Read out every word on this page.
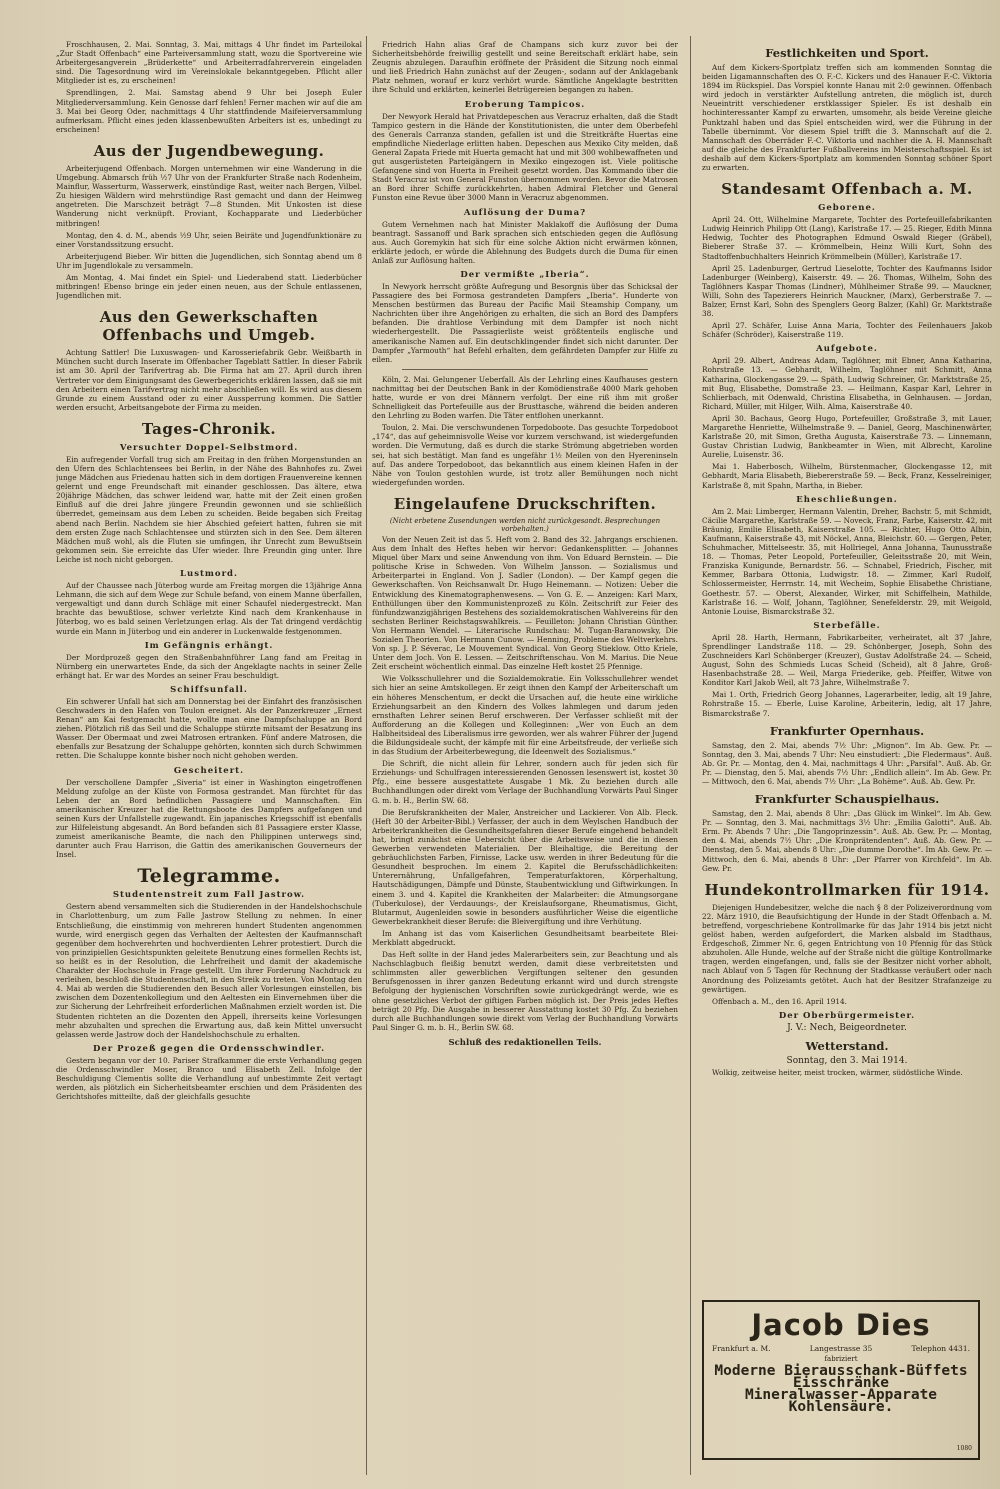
Froschhausen, 2. Mai. Sonntag, 3. Mai, mittags 4 Uhr findet im Parteilokal „Zur Stadt Offenbach“ eine Parteiversammlung statt, wozu die Sportvereine wie Arbeitergesangverein „Brüderkette“ und Arbeiterradfahrerverein eingeladen sind. Die Tagesordnung wird im Vereinslokale bekanntgegeben. Pflicht aller Mitglieder ist es, zu erscheinen!

Sprendlingen, 2. Mai. Samstag abend 9 Uhr bei Joseph Euler Mitgliederversammlung. Kein Genosse darf fehlen! Ferner machen wir auf die am 3. Mai bei Georg Oder, nachmittags 4 Uhr stattfindende Maifeierversammlung aufmerksam. Pflicht eines jeden klassenbewußten Arbeiters ist es, unbedingt zu erscheinen!

Aus der Jugendbewegung.

Arbeiterjugend Offenbach. Morgen unternehmen wir eine Wanderung in die Umgebung. Abmarsch früh ½7 Uhr von der Frankfurter Straße nach Rodenheim, Mainflur, Wasserturm, Wasserwerk, einstündige Rast, weiter nach Bergen, Vilbel. Zu hiesigen Wäldern wird mehrstündige Rast gemacht und dann der Heimweg angetreten. Die Marschzeit beträgt 7—8 Stunden. Mit Unkosten ist diese Wanderung nicht verknüpft. Proviant, Kochapparate und Liederbücher mitbringen!

Montag, den 4. d. M., abends ½9 Uhr, seien Beiräte und Jugendfunktionäre zu einer Vorstandssitzung ersucht.

Arbeiterjugend Bieber. Wir bitten die Jugendlichen, sich Sonntag abend um 8 Uhr im Jugendlokale zu versammeln.

Am Montag, 4. Mai findet ein Spiel- und Liederabend statt. Liederbücher mitbringen! Ebenso bringe ein jeder einen neuen, aus der Schule entlassenen, Jugendlichen mit.

Aus den Gewerkschaften Offenbachs und Umgeb.

Achtung Sattler! Die Luxuswagen- und Karosseriefabrik Gebr. Weißbarth in München sucht durch Inserate im Offenbacher Tageblatt Sattler. In dieser Fabrik ist am 30. April der Tarifvertrag ab. Die Firma hat am 27. April durch ihren Vertreter vor dem Einigungsamt des Gewerbegerichts erklären lassen, daß sie mit den Arbeitern einen Tarifvertrag nicht mehr abschließen will. Es wird aus diesem Grunde zu einem Ausstand oder zu einer Aussperrung kommen. Die Sattler werden ersucht, Arbeitsangebote der Firma zu meiden.

Tages-Chronik.
Versuchter Doppel-Selbstmord.

Ein aufregender Vorfall trug sich am Freitag in den frühen Morgenstunden an den Ufern des Schlachtensees bei Berlin, in der Nähe des Bahnhofes zu. Zwei junge Mädchen aus Friedenau hatten sich in dem dortigen Frauenvereine kennen gelernt und enge Freundschaft mit einander geschlossen. Das ältere, etwa 20jährige Mädchen, das schwer leidend war, hatte mit der Zeit einen großen Einfluß auf die drei Jahre jüngere Freundin gewonnen und sie schließlich überredet, gemeinsam aus dem Leben zu scheiden. Beide begaben sich Freitag abend nach Berlin. Nachdem sie hier Abschied gefeiert hatten, fuhren sie mit dem ersten Zuge nach Schlachtensee und stürzten sich in den See. Dem älteren Mädchen muß wohl, als die Fluten sie umfingen, ihr Unrecht zum Bewußtsein gekommen sein. Sie erreichte das Ufer wieder. Ihre Freundin ging unter. Ihre Leiche ist noch nicht geborgen.

Lustmord.

Auf der Chaussee nach Jüterbog wurde am Freitag morgen die 13jährige Anna Lehmann, die sich auf dem Wege zur Schule befand, von einem Manne überfallen, vergewaltigt und dann durch Schläge mit einer Schaufel niedergestreckt. Man brachte das bewußtlose, schwer verletzte Kind nach dem Krankenhause in Jüterbog, wo es bald seinen Verletzungen erlag. Als der Tat dringend verdächtig wurde ein Mann in Jüterbog und ein anderer in Luckenwalde festgenommen.

Im Gefängnis erhängt.

Der Mordprozeß gegen den Straßenbahnführer Lang fand am Freitag in Nürnberg ein unerwartetes Ende, da sich der Angeklagte nachts in seiner Zelle erhängt hat. Er war des Mordes an seiner Frau beschuldigt.

Schiffsunfall.

Ein schwerer Unfall hat sich am Donnerstag bei der Einfahrt des französischen Geschwaders in den Hafen von Toulon ereignet. Als der Panzerkreuzer „Ernest Renan“ am Kai festgemacht hatte, wollte man eine Dampfschaluppe an Bord ziehen. Plötzlich riß das Seil und die Schaluppe stürzte mitsamt der Besatzung ins Wasser. Der Obermaat und zwei Matrosen ertranken. Fünf andere Matrosen, die ebenfalls zur Besatzung der Schaluppe gehörten, konnten sich durch Schwimmen retten. Die Schaluppe konnte bisher noch nicht gehoben werden.

Gescheitert.

Der verschollene Dampfer „Siveria“ ist einer in Washington eingetroffenen Meldung zufolge an der Küste von Formosa gestrandet. Man fürchtet für das Leben der an Bord befindlichen Passagiere und Mannschaften. Ein amerikanischer Kreuzer hat die Rettungsboote des Dampfers aufgefangen und seinen Kurs der Unfallstelle zugewandt. Ein japanisches Kriegsschiff ist ebenfalls zur Hilfeleistung abgesandt. An Bord befanden sich 81 Passagiere erster Klasse, zumeist amerikanische Beamte, die nach den Philippinen unterwegs sind, darunter auch Frau Harrison, die Gattin des amerikanischen Gouverneurs der Insel.

Telegramme.
Studentenstreit zum Fall Jastrow.

Gestern abend versammelten sich die Studierenden in der Handelshochschule in Charlottenburg, um zum Falle Jastrow Stellung zu nehmen. In einer Entschließung, die einstimmig von mehreren hundert Studenten angenommen wurde, wird energisch gegen das Verhalten der Aeltesten der Kaufmannschaft gegenüber dem hochverehrten und hochverdienten Lehrer protestiert. Durch die von prinzipiellen Gesichtspunkten geleitete Benutzung eines formellen Rechts ist, so heißt es in der Resolution, die Lehrfreiheit und damit der akademische Charakter der Hochschule in Frage gestellt. Um ihrer Forderung Nachdruck zu verleihen, beschloß die Studentenschaft, in den Streik zu treten. Von Montag den 4. Mai ab werden die Studierenden den Besuch aller Vorlesungen einstellen, bis zwischen dem Dozentenkollegium und den Aeltesten ein Einvernehmen über die zur Sicherung der Lehrfreiheit erforderlichen Maßnahmen erzielt worden ist. Die Studenten richteten an die Dozenten den Appell, ihrerseits keine Vorlesungen mehr abzuhalten und sprechen die Erwartung aus, daß kein Mittel unversucht gelassen werde Jastrow doch der Handelshochschule zu erhalten.

Der Prozeß gegen die Ordensschwindler.

Gestern begann vor der 10. Pariser Strafkammer die erste Verhandlung gegen die Ordensschwindler Moser, Branco und Elisabeth Zell. Infolge der Beschuldigung Clementis sollte die Verhandlung auf unbestimmte Zeit vertagt werden, als plötzlich ein Sicherheitsbeamter erschien und dem Präsidenten des Gerichtshofes mitteilte, daß der gleichfalls gesuchte

Friedrich Hahn alias Graf de Champans sich kurz zuvor bei der Sicherheitsbehörde freiwillig gestellt und seine Bereitschaft erklärt habe, sein Zeugnis abzulegen. Daraufhin eröffnete der Präsident die Sitzung noch einmal und ließ Friedrich Hahn zunächst auf der Zeugen-, sodann auf der Anklagebank Platz nehmen, worauf er kurz verhört wurde. Sämtliche Angeklagte bestritten ihre Schuld und erklärten, keinerlei Betrügereien begangen zu haben.

Eroberung Tampicos.

Der Newyork Herald hat Privatdepeschen aus Veracruz erhalten, daß die Stadt Tampico gestern in die Hände der Konstitutionisten, die unter dem Oberbefehl des Generals Carranza standen, gefallen ist und die Streitkräfte Huertas eine empfindliche Niederlage erlitten haben. Depeschen aus Mexiko City melden, daß General Zapata Friede mit Huerta gemacht hat und mit 300 wohlbewaffneten und gut ausgerüsteten Parteigängern in Mexiko eingezogen ist. Viele politische Gefangene sind von Huerta in Freiheit gesetzt worden. Das Kommando über die Stadt Veracruz ist von General Funston übernommen worden. Bevor die Matrosen an Bord ihrer Schiffe zurückkehrten, haben Admiral Fletcher und General Funston eine Revue über 3000 Mann in Veracruz abgenommen.

Auflösung der Duma?

Gutem Vernehmen nach hat Minister Maklakoff die Auflösung der Duma beantragt. Sassanoff und Bark sprachen sich entschieden gegen die Auflösung aus. Auch Goremykin hat sich für eine solche Aktion nicht erwärmen können, erklärte jedoch, er würde die Ablehnung des Budgets durch die Duma für einen Anlaß zur Auflösung halten.

Der vermißte „Iberia“.

In Newyork herrscht größte Aufregung und Besorgnis über das Schicksal der Passagiere des bei Formosa gestrandeten Dampfers „Iberia“. Hunderte von Menschen bestürmen das Bureau der Pacific Mail Steamship Company, um Nachrichten über ihre Angehörigen zu erhalten, die sich an Bord des Dampfers befanden. Die drahtlose Verbindung mit dem Dampfer ist noch nicht wiederhergestellt. Die Passagierliste weist größtenteils englische und amerikanische Namen auf. Ein deutschklingender findet sich nicht darunter. Der Dampfer „Yarmouth“ hat Befehl erhalten, dem gefährdeten Dampfer zur Hilfe zu eilen.

Köln, 2. Mai. Gelungener Ueberfall. Als der Lehrling eines Kaufhauses gestern nachmittag bei der Deutschen Bank in der Komödienstraße 4000 Mark gehoben hatte, wurde er von drei Männern verfolgt. Der eine riß ihm mit großer Schnelligkeit das Portefeuille aus der Brusttasche, während die beiden anderen den Lehrling zu Boden warfen. Die Täter entflohen unerkannt.

Toulon, 2. Mai. Die verschwundenen Torpedoboote. Das gesuchte Torpedoboot „174“, das auf geheimnisvolle Weise vor kurzem verschwand, ist wiedergefunden worden. Die Vermutung, daß es durch die starke Strömung abgetrieben worden sei, hat sich bestätigt. Man fand es ungefähr 1½ Meilen von den Hyereninseln auf. Das andere Torpedoboot, das bekanntlich aus einem kleinen Hafen in der Nähe von Toulon gestohlen wurde, ist trotz aller Bemühungen noch nicht wiedergefunden worden.

Eingelaufene Druckschriften.
(Nicht erbetene Zusendungen werden nicht zurückgesandt. Besprechungen vorbehalten.)

Von der Neuen Zeit ist das 5. Heft vom 2. Band des 32. Jahrgangs erschienen. Aus dem Inhalt des Heftes heben wir hervor: Gedankensplitter. — Johannes Miquel über Marx und seine Anwendung von ihm. Von Eduard Bernstein. — Die politische Krise in Schweden. Von Wilhelm Jansson. — Sozialismus und Arbeiterpartei in England. Von J. Sadler (London). — Der Kampf gegen die Gewerkschaften. Von Reichsanwalt Dr. Hugo Heinemann. — Notizen: Ueber die Entwicklung des Kinematographenwesens. — Von G. E. — Anzeigen: Karl Marx, Enthüllungen über den Kommunistenprozeß zu Köln. Zeitschrift zur Feier des fünfundzwanzigjährigen Bestehens des sozialdemokratischen Wahlvereins für den sechsten Berliner Reichstagswahlkreis. — Feuilleton: Johann Christian Günther. Von Hermann Wendel. — Literarische Rundschau: M. Tugan-Baranowsky, Die Sozialen Theorien. Von Hermann Cunow. — Henning, Probleme des Weltverkehrs. Von sp. J. P. Séverac, Le Mouvement Syndical. Von Georg Stieklow. Otto Kriele, Unter dem Joch. Von E. Lessen. — Zeitschriftenschau. Von M. Marius. Die Neue Zeit erscheint wöchentlich einmal. Das einzelne Heft kostet 25 Pfennige.

Wie Volksschullehrer und die Sozialdemokratie. Ein Volksschullehrer wendet sich hier an seine Amtskollegen. Er zeigt ihnen den Kampf der Arbeiterschaft um ein höheres Menschentum, er deckt die Ursachen auf, die heute eine wirkliche Erziehungsarbeit an den Kindern des Volkes lahmlegen und darum jeden ernsthaften Lehrer seinen Beruf erschweren. Der Verfasser schließt mit der Aufforderung an die Kollegen und Kolleginnen: „Wer von Euch an dem Halbheitsideal des Liberalismus irre geworden, wer als wahrer Führer der Jugend die Bildungsideale sucht, der kämpfe mit für eine Arbeitsfreude, der verließe sich in das Studium der Arbeiterbewegung, die Ideenwelt des Sozialismus.“

Die Schrift, die nicht allein für Lehrer, sondern auch für jeden sich für Erziehungs- und Schulfragen interessierenden Genossen lesenswert ist, kostet 30 Pfg., eine bessere ausgestattete Ausgabe 1 Mk. Zu beziehen durch alle Buchhandlungen oder direkt vom Verlage der Buchhandlung Vorwärts Paul Singer G. m. b. H., Berlin SW. 68.

Die Berufskrankheiten der Maler, Anstreicher und Lackierer. Von Alb. Fleck. (Heft 30 der Arbeiter-Bibl.) Verfasser, der auch in dem Weylschen Handbuch der Arbeiterkrankheiten die Gesundheitsgefahren dieser Berufe eingehend behandelt hat, bringt zunächst eine Uebersicht über die Arbeitsweise und die in diesen Gewerben verwendeten Materialien. Der Bleihaltige, die Bereitung der gebräuchlichsten Farben, Firnisse, Lacke usw. werden in ihrer Bedeutung für die Gesundheit besprochen. Im einem 2. Kapitel die Berufsschädlichkeiten: Unterernährung, Unfallgefahren, Temperaturfaktoren, Körperhaltung, Hautschädigungen, Dämpfe und Dünste, Staubentwicklung und Giftwirkungen. In einem 3. und 4. Kapitel die Krankheiten der Malarbeiter: die Atmungsorgane (Tuberkulose), der Verdauungs-, der Kreislaufsorgane, Rheumatismus, Gicht, Blutarmut, Augenleiden sowie in besonders ausführlicher Weise die eigentliche Gewerbekrankheit dieser Berufe: die Bleivergiftung und ihre Verhütung.

Im Anhang ist das vom Kaiserlichen Gesundheitsamt bearbeitete Blei-Merkblatt abgedruckt.

Das Heft sollte in der Hand jedes Malerarbeiters sein, zur Beachtung und als Nachschlagbuch fleißig benutzt werden, damit diese verbreitetsten und schlimmsten aller gewerblichen Vergiftungen seltener den gesunden Berufsgenossen in ihrer ganzen Bedeutung erkannt wird und durch strengste Befolgung der hygienischen Vorschriften sowie zurückgedrängt werde, wie es ohne gesetzliches Verbot der giftigen Farben möglich ist. Der Preis jedes Heftes beträgt 20 Pfg. Die Ausgabe in besserer Ausstattung kostet 30 Pfg. Zu beziehen durch alle Buchhandlungen sowie direkt vom Verlag der Buchhandlung Vorwärts Paul Singer G. m. b. H., Berlin SW. 68.

Schluß des redaktionellen Teils.
Festlichkeiten und Sport.

Auf dem Kickers-Sportplatz treffen sich am kommenden Sonntag die beiden Ligamannschaften des O. F.-C. Kickers und des Hanauer F.-C. Viktoria 1894 im Rückspiel. Das Vorspiel konnte Hanau mit 2:0 gewinnen. Offenbach wird jedoch in verstärkter Aufstellung antreten, die möglich ist, durch Neueintritt verschiedener erstklassiger Spieler. Es ist deshalb ein hochinteressanter Kampf zu erwarten, umsomehr, als beide Vereine gleiche Punktzahl haben und das Spiel entscheiden wird, wer die Führung in der Tabelle übernimmt. Vor diesem Spiel trifft die 3. Mannschaft auf die 2. Mannschaft des Oberräder F.-C. Viktoria und nachher die A. H. Mannschaft auf die gleiche des Frankfurter Fußballvereins im Meisterschaftsspiel. Es ist deshalb auf dem Kickers-Sportplatz am kommenden Sonntag schöner Sport zu erwarten.

Standesamt Offenbach a. M.
Geborene.

April 24. Ott, Wilhelmine Margarete, Tochter des Portefeuillefabrikanten Ludwig Heinrich Philipp Ott (Lang), Karlstraße 17. — 25. Rieger, Edith Minna Hedwig, Tochter des Photographen Edmund Oswald Rieger (Gräbel), Bieberer Straße 37. — Krömmelbein, Heinz Willi Kurt, Sohn des Stadtoffenbuchhalters Heinrich Krömmelbein (Müller), Karlstraße 17.

April 25. Ladenburger, Gertrud Lieselotte, Tochter des Kaufmanns Isidor Ladenburger (Weinberg), Kaiserstr. 49. — 26. Thomas, Wilhelm, Sohn des Taglöhners Kaspar Thomas (Lindner), Mühlheimer Straße 99. — Mauckner, Willi, Sohn des Tapezierers Heinrich Mauckner, (Marx), Gerberstraße 7. — Balzer, Ernst Karl, Sohn des Spenglers Georg Balzer, (Kahl) Gr. Marktstraße 38.

April 27. Schäfer, Luise Anna Maria, Tochter des Feilenhauers Jakob Schäfer (Schröder), Kaiserstraße 119.

Aufgebote.

April 29. Albert, Andreas Adam, Taglöhner, mit Ebner, Anna Katharina, Rohrstraße 13. — Gebhardt, Wilhelm, Taglöhner mit Schmitt, Anna Katharina, Glockengasse 29. — Späth, Ludwig Schreiner, Gr. Marktstraße 25, mit Bug, Elisabethe, Domstraße 23. — Heilmann, Kaspar Karl, Lehrer in Schlierbach, mit Odenwald, Christina Elisabetha, in Gelnhausen. — Jordan, Richard, Müller, mit Hilger, Wilh. Alma, Kaiserstraße 40.

April 30. Bachaus, Georg Hugo, Portefeuiller, Großstraße 3, mit Lauer, Margarethe Henriette, Wilhelmstraße 9. — Daniel, Georg, Maschinenwärter, Karlstraße 20, mit Simon, Gretha Augusta, Kaiserstraße 73. — Linnemann, Gustav Christian Ludwig, Bankbeamter in Wien, mit Albrecht, Karoline Aurelie, Luisenstr. 36.

Mai 1. Haberbosch, Wilhelm, Bürstenmacher, Glockengasse 12, mit Gebhardt, Maria Elisabeth, Biebererstraße 59. — Beck, Franz, Kesselreiniger, Karlstraße 8, mit Spahn, Martha, in Bieber.

Eheschließungen.

Am 2. Mai: Limberger, Hermann Valentin, Dreher, Bachstr. 5, mit Schmidt, Cäcilie Margarethe, Karlstraße 59. — Noveck, Franz, Farbe, Kaiserstr. 42, mit Bräunig, Emilie Elisabeth, Kaiserstraße 105. — Richter, Hugo Otto Albin, Kaufmann, Kaiserstraße 43, mit Nöckel, Anna, Bleichstr. 60. — Gergen, Peter, Schuhmacher, Mittelseestr. 35, mit Hollriegel, Anna Johanna, Taunusstraße 18. — Thomas, Peter Leopold, Portefeuiller, Geleitsstraße 20, mit Wein, Franziska Kunigunde, Bernardstr. 56. — Schnabel, Friedrich, Fischer, mit Kemmer, Barbara Ottonia, Ludwigstr. 18. — Zimmer, Karl Rudolf, Schlossermeister, Herrnstr. 14, mit Wecheim, Sophie Elisabethe Christiane, Goethestr. 57. — Oberst, Alexander, Wirker, mit Schiffelhein, Mathilde, Karlstraße 16. — Wolf, Johann, Taglöhner, Senefelderstr. 29, mit Weigold, Antonie Louise, Bismarckstraße 32.

Sterbefälle.

April 28. Harth, Hermann, Fabrikarbeiter, verheiratet, alt 37 Jahre, Sprendlinger Landstraße 118. — 29. Schönberger, Joseph, Sohn des Zuschneiders Karl Schönberger (Kreuzer), Gustav Adolfstraße 24. — Scheid, August, Sohn des Schmieds Lucas Scheid (Scheid), alt 8 Jahre, Groß-Hasenbachstraße 28. — Weil, Marga Friederike, geb. Pfeiffer, Witwe von Konditor Karl Jakob Weil, alt 73 Jahre, Wilhelmstraße 7.

Mai 1. Orth, Friedrich Georg Johannes, Lagerarbeiter, ledig, alt 19 Jahre, Rohrstraße 15. — Eberle, Luise Karoline, Arbeiterin, ledig, alt 17 Jahre, Bismarckstraße 7.

Frankfurter Opernhaus.

Samstag, den 2. Mai, abends 7½ Uhr: „Mignon“. Im Ab. Gew. Pr. — Sonntag, den 3. Mai, abends 7 Uhr: Neu einstudiert: „Die Fledermaus“. Auß. Ab. Gr. Pr. — Montag, den 4. Mai, nachmittags 4 Uhr: „Parsifal“. Auß. Ab. Gr. Pr. — Dienstag, den 5. Mai, abends 7½ Uhr: „Endlich allein“. Im Ab. Gew. Pr. — Mittwoch, den 6. Mai, abends 7½ Uhr: „La Bohème“. Auß. Ab. Gew. Pr.

Frankfurter Schauspielhaus.

Samstag, den 2. Mai, abends 8 Uhr: „Das Glück im Winkel“. Im Ab. Gew. Pr. — Sonntag, den 3. Mai, nachmittags 3½ Uhr: „Emilia Galotti“. Auß. Ab. Erm. Pr. Abends 7 Uhr: „Die Tangoprinzessin“. Auß. Ab. Gew. Pr. — Montag, den 4. Mai, abends 7½ Uhr: „Die Kronprätendenten“. Auß. Ab. Gew. Pr. — Dienstag, den 5. Mai, abends 8 Uhr: „Die dumme Dorothe“. Im Ab. Gew. Pr. — Mittwoch, den 6. Mai, abends 8 Uhr: „Der Pfarrer von Kirchfeld“. Im Ab. Gew. Pr.

Hundekontrollmarken für 1914.

Diejenigen Hundebesitzer, welche die nach § 8 der Polizeiverordnung vom 22. März 1910, die Beaufsichtigung der Hunde in der Stadt Offenbach a. M. betreffend, vorgeschriebene Kontrollmarke für das Jahr 1914 bis jetzt nicht gelöst haben, werden aufgefordert, die Marken alsbald im Stadthaus, Erdgeschoß, Zimmer Nr. 6, gegen Entrichtung von 10 Pfennig für das Stück abzuholen. Alle Hunde, welche auf der Straße nicht die gültige Kontrollmarke tragen, werden eingefangen, und, falls sie der Besitzer nicht vorher abholt, nach Ablauf von 5 Tagen für Rechnung der Stadtkasse veräußert oder nach Anordnung des Polizeiamts getötet. Auch hat der Besitzer Strafanzeige zu gewärtigen.

Offenbach a. M., den 16. April 1914.

Der Oberbürgermeister.
J. V.: Nech, Beigeordneter.
Wetterstand.
Sonntag, den 3. Mai 1914.

Wolkig, zeitweise heiter, meist trocken, wärmer, südöstliche Winde.

Jacob Dies
Frankfurt a. M.	Langestrasse 35	Telephon 4431.

fabriziert

Moderne Bierausschank-Büffets

Eisschränke

Mineralwasser-Apparate

Kohlensäure.

1080
